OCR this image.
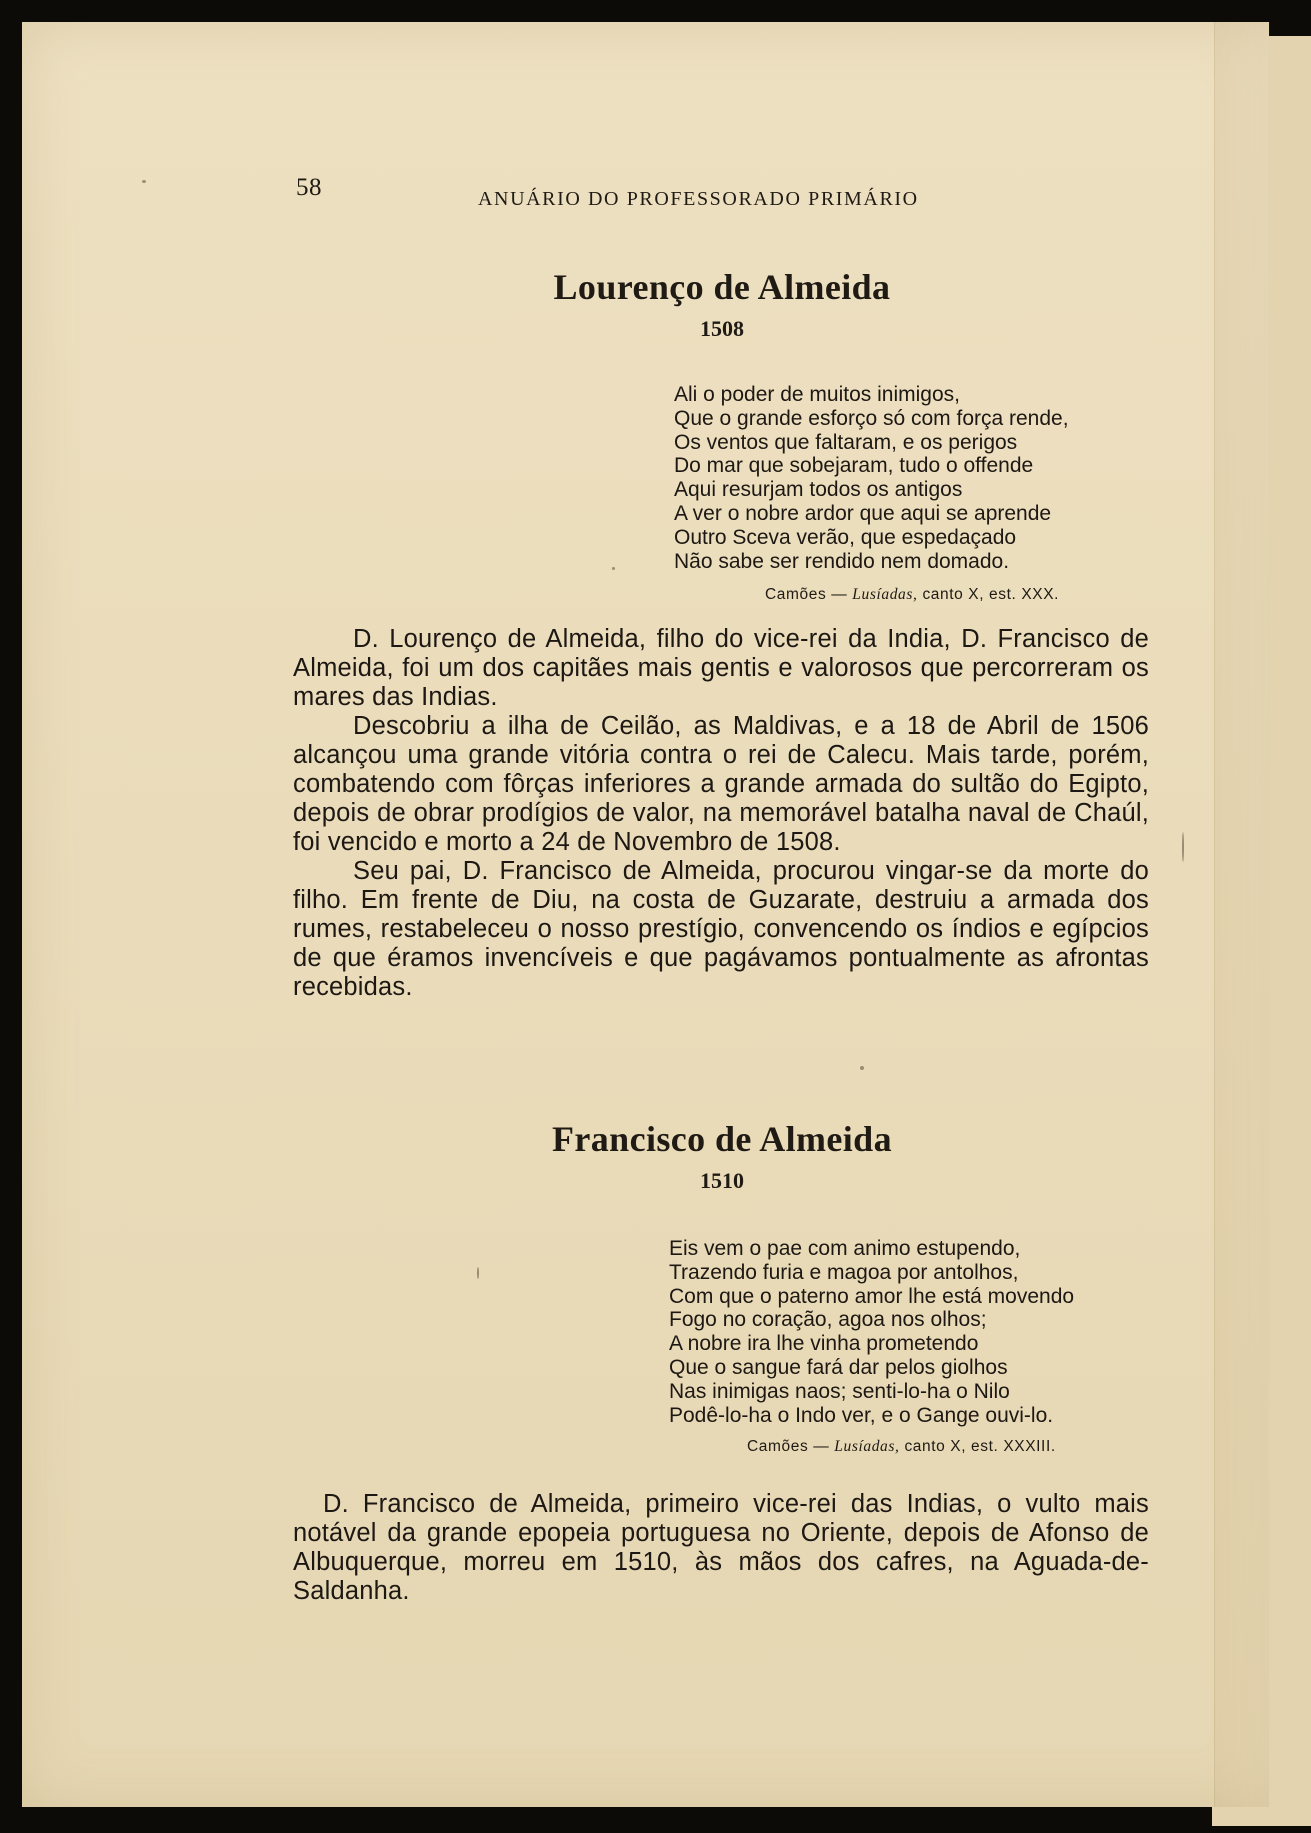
58	ANUÁRIO DO PROFESSORADO PRIMÁRIO
Lourenço de Almeida
1508
Ali o poder de muitos inimigos,
Que o grande esforço só com força rende,
Os ventos que faltaram, e os perigos
Do mar que sobejaram, tudo o offende
Aqui resurjam todos os antigos
A ver o nobre ardor que aqui se aprende
Outro Sceva verão, que espedaçado
Não sabe ser rendido nem domado.
Camões — Lusíadas, canto X, est. XXX.

D. Lourenço de Almeida, filho do vice-rei da India, D. Francisco de Almeida, foi um dos capitães mais gentis e valorosos que percorreram os mares das Indias.

Descobriu a ilha de Ceilão, as Maldivas, e a 18 de Abril de 1506 alcançou uma grande vitória contra o rei de Calecu. Mais tarde, porém, combatendo com fôrças inferiores a grande armada do sultão do Egipto, depois de obrar prodígios de valor, na memorável batalha naval de Chaúl, foi vencido e morto a 24 de Novembro de 1508.

Seu pai, D. Francisco de Almeida, procurou vingar-se da morte do filho. Em frente de Diu, na costa de Guzarate, destruiu a armada dos rumes, restabeleceu o nosso prestígio, convencendo os índios e egípcios de que éramos invencíveis e que pagávamos pontualmente as afrontas recebidas.

Francisco de Almeida
1510
Eis vem o pae com animo estupendo,
Trazendo furia e magoa por antolhos,
Com que o paterno amor lhe está movendo
Fogo no coração, agoa nos olhos;
A nobre ira lhe vinha prometendo
Que o sangue fará dar pelos giolhos
Nas inimigas naos; senti-lo-ha o Nilo
Podê-lo-ha o Indo ver, e o Gange ouvi-lo.
Camões — Lusíadas, canto X, est. XXXIII.

D. Francisco de Almeida, primeiro vice-rei das Indias, o vulto mais notável da grande epopeia portuguesa no Oriente, depois de Afonso de Albuquerque, morreu em 1510, às mãos dos cafres, na Aguada-de-Saldanha.
